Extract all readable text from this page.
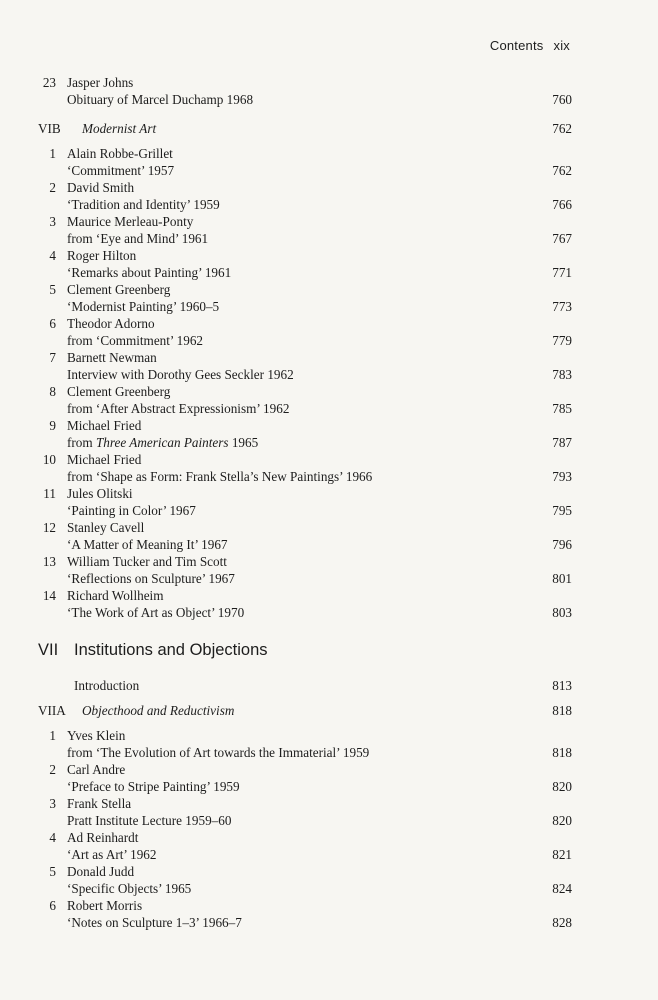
Contents xix
23 Jasper Johns
Obituary of Marcel Duchamp 1968	760
VIB Modernist Art	762
1 Alain Robbe-Grillet
‘Commitment’ 1957	762
2 David Smith
‘Tradition and Identity’ 1959	766
3 Maurice Merleau-Ponty
from ‘Eye and Mind’ 1961	767
4 Roger Hilton
‘Remarks about Painting’ 1961	771
5 Clement Greenberg
‘Modernist Painting’ 1960–5	773
6 Theodor Adorno
from ‘Commitment’ 1962	779
7 Barnett Newman
Interview with Dorothy Gees Seckler 1962	783
8 Clement Greenberg
from ‘After Abstract Expressionism’ 1962	785
9 Michael Fried
from Three American Painters 1965	787
10 Michael Fried
from ‘Shape as Form: Frank Stella’s New Paintings’ 1966	793
11 Jules Olitski
‘Painting in Color’ 1967	795
12 Stanley Cavell
‘A Matter of Meaning It’ 1967	796
13 William Tucker and Tim Scott
‘Reflections on Sculpture’ 1967	801
14 Richard Wollheim
‘The Work of Art as Object’ 1970	803
VII Institutions and Objections
Introduction	813
VIIA Objecthood and Reductivism	818
1 Yves Klein
from ‘The Evolution of Art towards the Immaterial’ 1959	818
2 Carl Andre
‘Preface to Stripe Painting’ 1959	820
3 Frank Stella
Pratt Institute Lecture 1959–60	820
4 Ad Reinhardt
‘Art as Art’ 1962	821
5 Donald Judd
‘Specific Objects’ 1965	824
6 Robert Morris
‘Notes on Sculpture 1–3’ 1966–7	828
